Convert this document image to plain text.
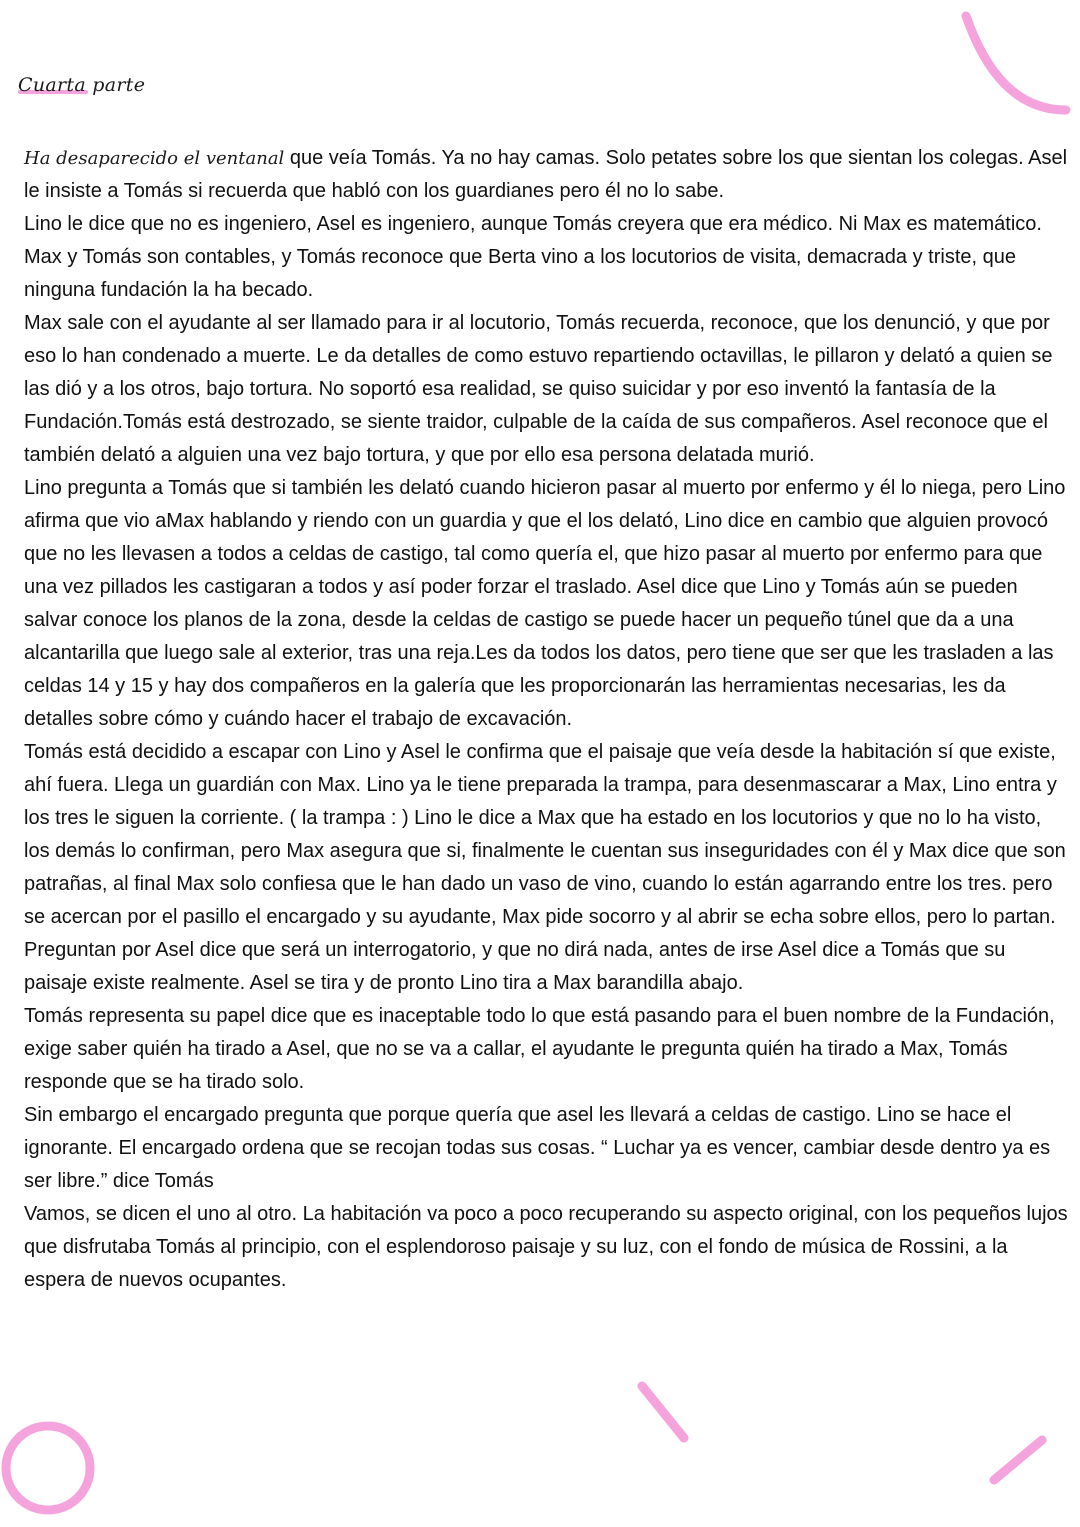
Cuarta parte

Ha desaparecido el ventanal que veía Tomás. Ya no hay camas. Solo petates sobre los que sientan los colegas. Asel le insiste a Tomás si recuerda que habló con los guardianes pero él no lo sabe.

Lino le dice que no es ingeniero, Asel es ingeniero, aunque Tomás creyera que era médico. Ni Max es matemático. Max y Tomás son contables, y Tomás reconoce que Berta vino a los locutorios de visita, demacrada y triste, que ninguna fundación la ha becado.

Max sale con el ayudante al ser llamado para ir al locutorio, Tomás recuerda, reconoce, que los denunció, y que por eso lo han condenado a muerte. Le da detalles de como estuvo repartiendo octavillas, le pillaron y delató a quien se las dió y a los otros, bajo tortura. No soportó esa realidad, se quiso suicidar y por eso inventó la fantasía de la Fundación.Tomás está destrozado, se siente traidor, culpable de la caída de sus compañeros. Asel reconoce que el también delató a alguien una vez bajo tortura, y que por ello esa persona delatada murió.

Lino pregunta a Tomás que si también les delató cuando hicieron pasar al muerto por enfermo y él lo niega, pero Lino afirma que vio aMax hablando y riendo con un guardia y que el los delató, Lino dice en cambio que alguien provocó que no les llevasen a todos a celdas de castigo, tal como quería el, que hizo pasar al muerto por enfermo para que una vez pillados les castigaran a todos y así poder forzar el traslado. Asel dice que Lino y Tomás aún se pueden salvar conoce los planos de la zona, desde la celdas de castigo se puede hacer un pequeño túnel que da a una alcantarilla que luego sale al exterior, tras una reja.Les da todos los datos, pero tiene que ser que les trasladen a las celdas 14 y 15 y hay dos compañeros en la galería que les proporcionarán las herramientas necesarias, les da detalles sobre cómo y cuándo hacer el trabajo de excavación.

Tomás está decidido a escapar con Lino y Asel le confirma que el paisaje que veía desde la habitación sí que existe, ahí fuera. Llega un guardián con Max. Lino ya le tiene preparada la trampa, para desenmascarar a Max, Lino entra y los tres le siguen la corriente. ( la trampa : ) Lino le dice a Max que ha estado en los locutorios y que no lo ha visto, los demás lo confirman, pero Max asegura que si, finalmente le cuentan sus inseguridades con él y Max dice que son patrañas, al final Max solo confiesa que le han dado un vaso de vino, cuando lo están agarrando entre los tres. pero se acercan por el pasillo el encargado y su ayudante, Max pide socorro y al abrir se echa sobre ellos, pero lo partan. Preguntan por Asel dice que será un interrogatorio, y que no dirá nada, antes de irse Asel dice a Tomás que su paisaje existe realmente. Asel se tira y de pronto Lino tira a Max barandilla abajo.

Tomás representa su papel dice que es inaceptable todo lo que está pasando para el buen nombre de la Fundación, exige saber quién ha tirado a Asel, que no se va a callar, el ayudante le pregunta quién ha tirado a Max, Tomás responde que se ha tirado solo.

Sin embargo el encargado pregunta que porque quería que asel les llevará a celdas de castigo. Lino se hace el ignorante. El encargado ordena que se recojan todas sus cosas. “ Luchar ya es vencer, cambiar desde dentro ya es ser libre.” dice Tomás

Vamos, se dicen el uno al otro. La habitación va poco a poco recuperando su aspecto original, con los pequeños lujos que disfrutaba Tomás al principio, con el esplendoroso paisaje y su luz, con el fondo de música de Rossini, a la espera de nuevos ocupantes.
